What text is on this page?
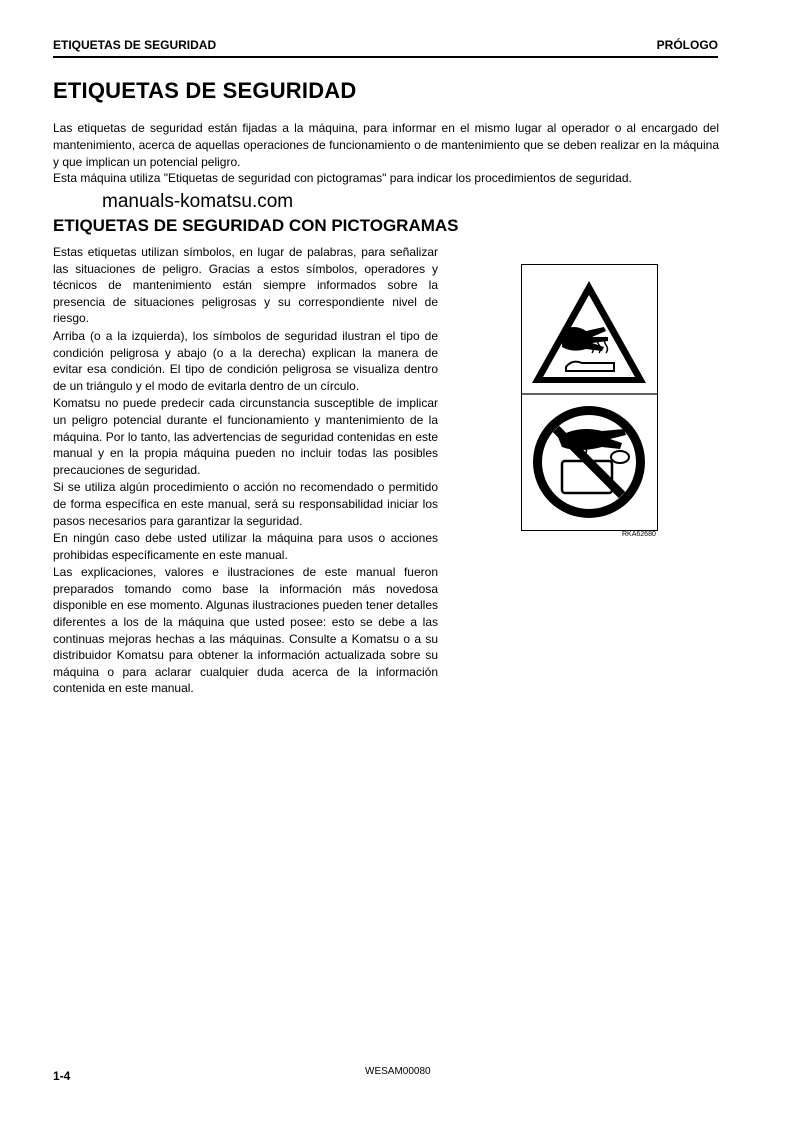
ETIQUETAS DE SEGURIDAD	PRÓLOGO
ETIQUETAS DE SEGURIDAD

Las etiquetas de seguridad están fijadas a la máquina, para informar en el mismo lugar al operador o al encargado del mantenimiento, acerca de aquellas operaciones de funcionamiento o de mantenimiento que se deben realizar en la máquina y que implican un potencial peligro.

Esta máquina utiliza "Etiquetas de seguridad con pictogramas" para indicar los procedimientos de seguridad.

manuals-komatsu.com
ETIQUETAS DE SEGURIDAD CON PICTOGRAMAS

Estas etiquetas utilizan símbolos, en lugar de palabras, para señalizar las situaciones de peligro. Gracias a estos símbolos, operadores y técnicos de mantenimiento están siempre informados sobre la presencia de situaciones peligrosas y su correspondiente nivel de riesgo.

Arriba (o a la izquierda), los símbolos de seguridad ilustran el tipo de condición peligrosa y abajo (o a la derecha) explican la manera de evitar esa condición. El tipo de condición peligrosa se visualiza dentro de un triángulo y el modo de evitarla dentro de un círculo.

Komatsu no puede predecir cada circunstancia susceptible de implicar un peligro potencial durante el funcionamiento y mantenimiento de la máquina. Por lo tanto, las advertencias de seguridad contenidas en este manual y en la propia máquina pueden no incluir todas las posibles precauciones de seguridad.

Si se utiliza algún procedimiento o acción no recomendado o permitido de forma específica en este manual, será su responsabilidad iniciar los pasos necesarios para garantizar la seguridad.

En ningún caso debe usted utilizar la máquina para usos o acciones prohibidas específicamente en este manual.

Las explicaciones, valores e ilustraciones de este manual fueron preparados tomando como base la información más novedosa disponible en ese momento. Algunas ilustraciones pueden tener detalles diferentes a los de la máquina que usted posee: esto se debe a las continuas mejoras hechas a las máquinas. Consulte a Komatsu o a su distribuidor Komatsu para obtener la información actualizada sobre su máquina o para aclarar cualquier duda acerca de la información contenida en este manual.

RKA62680
1-4	WESAM00080
